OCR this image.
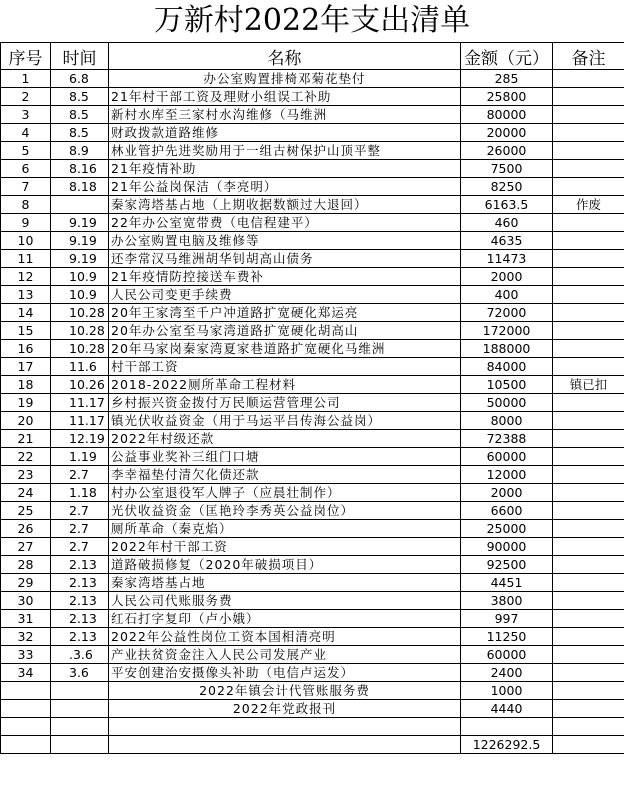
万新村2022年支出清单
序号	时间	名称	金额（元）	备注
1	6.8	办公室购置排椅邓菊花垫付	285	
2	8.5	21年村干部工资及理财小组误工补助	25800	
3	8.5	新村水库至三家村水沟维修（马维洲	80000	
4	8.5	财政拨款道路维修	20000	
5	8.9	林业管护先进奖励用于一组古树保护山顶平整	26000	
6	8.16	21年疫情补助	7500	
7	8.18	21年公益岗保洁（李亮明）	8250	
8		秦家湾塔基占地（上期收据数额过大退回）	6163.5	作废
9	9.19	22年办公室宽带费（电信程建平）	460	
10	9.19	办公室购置电脑及维修等	4635	
11	9.19	还李常汉马维洲胡华钊胡高山债务	11473	
12	10.9	21年疫情防控接送车费补	2000	
13	10.9	人民公司变更手续费	400	
14	10.28	20年王家湾至千户冲道路扩宽硬化郑运亮	72000	
15	10.28	20年办公室至马家湾道路扩宽硬化胡高山	172000	
16	10.28	20年马家岗秦家湾夏家巷道路扩宽硬化马维洲	188000	
17	11.6	村干部工资	84000	
18	10.26	2018-2022厕所革命工程材料	10500	镇已扣
19	11.17	乡村振兴资金拨付万民顺运营管理公司	50000	
20	11.17	镇光伏收益资金（用于马运平吕传海公益岗）	8000	
21	12.19	2022年村级还款	72388	
22	1.19	公益事业奖补三组门口塘	60000	
23	2.7	李幸福垫付清欠化债还款	12000	
24	1.18	村办公室退役军人牌子（应晨壮制作）	2000	
25	2.7	光伏收益资金（匡艳玲李秀英公益岗位）	6600	
26	2.7	厕所革命（秦克焰）	25000	
27	2.7	2022年村干部工资	90000	
28	2.13	道路破损修复（2020年破损项目）	92500	
29	2.13	秦家湾塔基占地	4451	
30	2.13	人民公司代账服务费	3800	
31	2.13	红石打字复印（卢小娥）	997	
32	2.13	2022年公益性岗位工资本国相清亮明	11250	
33	.3.6	产业扶贫资金注入人民公司发展产业	60000	
34	3.6	平安创建治安摄像头补助（电信卢运发）	2400	
		2022年镇会计代管账服务费	1000	
		2022年党政报刊	4440	

			1226292.5	
